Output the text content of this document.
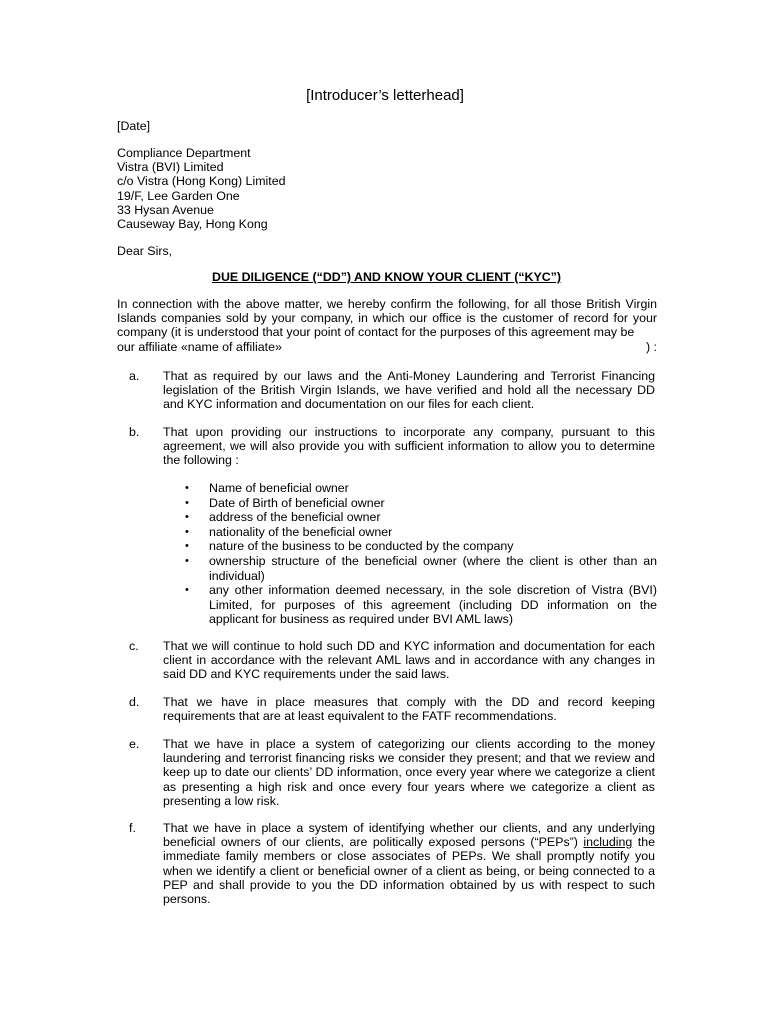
[Introducer’s letterhead]
[Date]
Compliance Department
Vistra (BVI) Limited
c/o Vistra (Hong Kong) Limited
19/F, Lee Garden One
33 Hysan Avenue
Causeway Bay, Hong Kong
Dear Sirs,
DUE DILIGENCE (“DD”) AND KNOW YOUR CLIENT (“KYC”)
In connection with the above matter, we hereby confirm the following, for all those British Virgin Islands companies sold by your company, in which our office is the customer of record for your company (it is understood that your point of contact for the purposes of this agreement may be
our affiliate «name of affiliate»	) :
a. That as required by our laws and the Anti-Money Laundering and Terrorist Financing legislation of the British Virgin Islands, we have verified and hold all the necessary DD and KYC information and documentation on our files for each client.
b. That upon providing our instructions to incorporate any company, pursuant to this agreement, we will also provide you with sufficient information to allow you to determine the following :
• Name of beneficial owner
• Date of Birth of beneficial owner
• address of the beneficial owner
• nationality of the beneficial owner
• nature of the business to be conducted by the company
• ownership structure of the beneficial owner (where the client is other than an individual)
• any other information deemed necessary, in the sole discretion of Vistra (BVI) Limited, for purposes of this agreement (including DD information on the applicant for business as required under BVI AML laws)
c. That we will continue to hold such DD and KYC information and documentation for each client in accordance with the relevant AML laws and in accordance with any changes in said DD and KYC requirements under the said laws.
d. That we have in place measures that comply with the DD and record keeping requirements that are at least equivalent to the FATF recommendations.
e. That we have in place a system of categorizing our clients according to the money laundering and terrorist financing risks we consider they present; and that we review and keep up to date our clients’ DD information, once every year where we categorize a client as presenting a high risk and once every four years where we categorize a client as presenting a low risk.
f. That we have in place a system of identifying whether our clients, and any underlying beneficial owners of our clients, are politically exposed persons (“PEPs”) including the immediate family members or close associates of PEPs. We shall promptly notify you when we identify a client or beneficial owner of a client as being, or being connected to a PEP and shall provide to you the DD information obtained by us with respect to such persons.
